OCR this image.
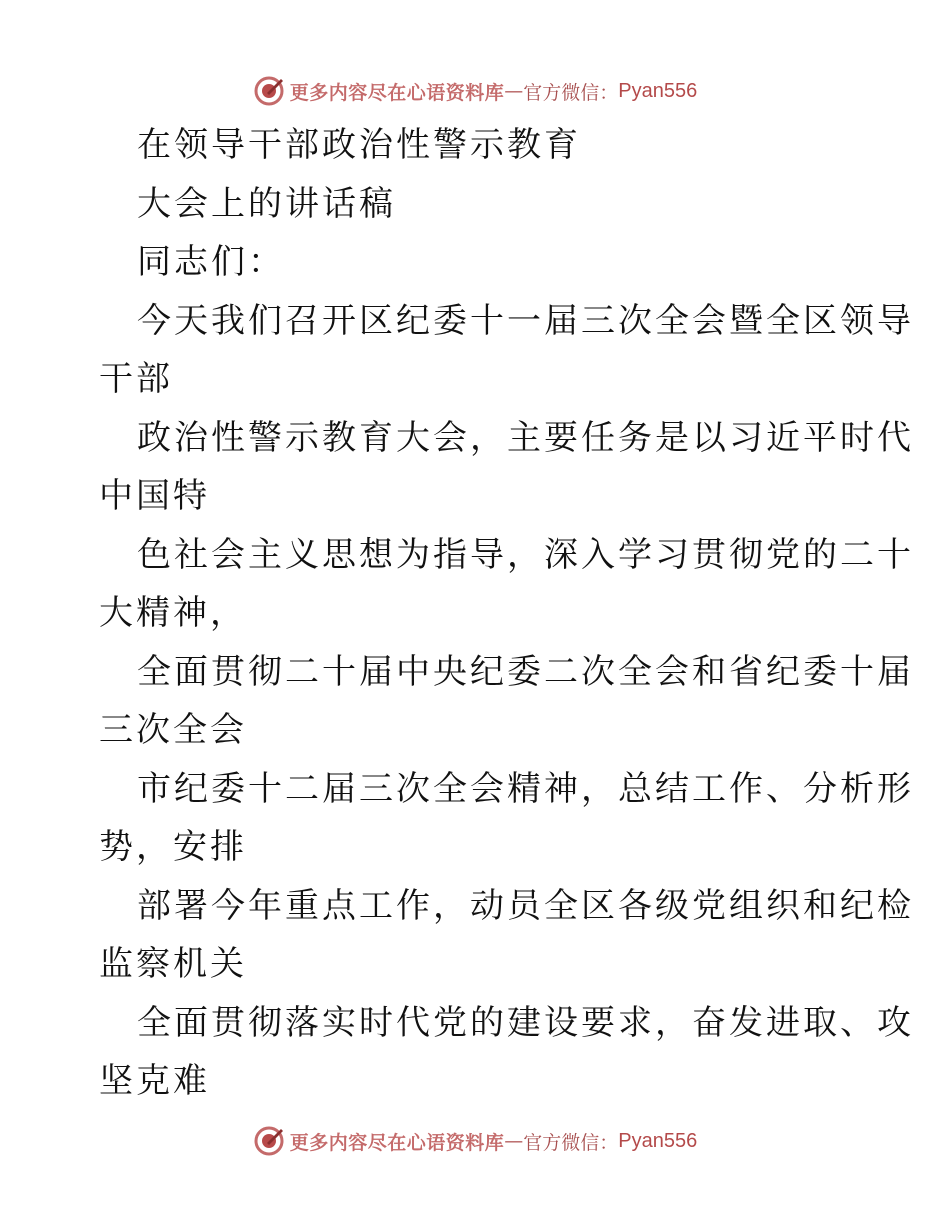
更多内容尽在心语资料库 — 官方微信： Pyan556
在领导干部政治性警示教育
大会上的讲话稿
同志们：
今天我们召开区纪委十一届三次全会暨全区领导
干部
政治性警示教育大会，主要任务是以习近平时代
中国特
色社会主义思想为指导，深入学习贯彻党的二十
大精神，
全面贯彻二十届中央纪委二次全会和省纪委十届
三次全会
市纪委十二届三次全会精神，总结工作、分析形
势，安排
部署今年重点工作，动员全区各级党组织和纪检
监察机关
全面贯彻落实时代党的建设要求，奋发进取、攻
坚克难
更多内容尽在心语资料库 — 官方微信： Pyan556
